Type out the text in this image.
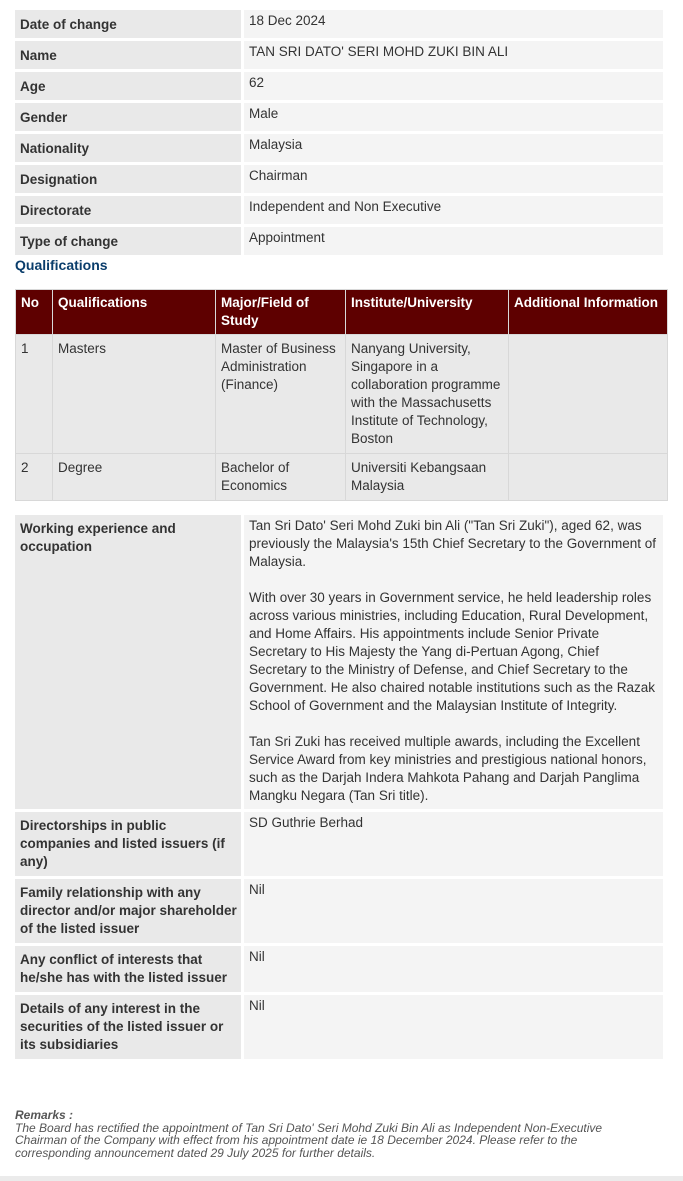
Date of change	18 Dec 2024
Name	TAN SRI DATO' SERI MOHD ZUKI BIN ALI
Age	62
Gender	Male
Nationality	Malaysia
Designation	Chairman
Directorate	Independent and Non Executive
Type of change	Appointment
Qualifications
No	Qualifications	Major/Field of Study	Institute/University	Additional Information
1	Masters	Master of Business Administration (Finance)	Nanyang University, Singapore in a collaboration programme with the Massachusetts Institute of Technology, Boston	
2	Degree	Bachelor of Economics	Universiti Kebangsaan Malaysia	
Working experience and occupation	Tan Sri Dato' Seri Mohd Zuki bin Ali ("Tan Sri Zuki"), aged 62, was previously the Malaysia's 15th Chief Secretary to the Government of Malaysia.

With over 30 years in Government service, he held leadership roles across various ministries, including Education, Rural Development, and Home Affairs. His appointments include Senior Private Secretary to His Majesty the Yang di-Pertuan Agong, Chief Secretary to the Ministry of Defense, and Chief Secretary to the Government. He also chaired notable institutions such as the Razak School of Government and the Malaysian Institute of Integrity.

Tan Sri Zuki has received multiple awards, including the Excellent Service Award from key ministries and prestigious national honors, such as the Darjah Indera Mahkota Pahang and Darjah Panglima Mangku Negara (Tan Sri title).

Directorships in public companies and listed issuers (if any)	SD Guthrie Berhad
Family relationship with any director and/or major shareholder of the listed issuer	Nil
Any conflict of interests that he/she has with the listed issuer	Nil
Details of any interest in the securities of the listed issuer or its subsidiaries	Nil
Remarks :
The Board has rectified the appointment of Tan Sri Dato' Seri Mohd Zuki Bin Ali as Independent Non-Executive Chairman of the Company with effect from his appointment date ie 18 December 2024. Please refer to the corresponding announcement dated 29 July 2025 for further details.
